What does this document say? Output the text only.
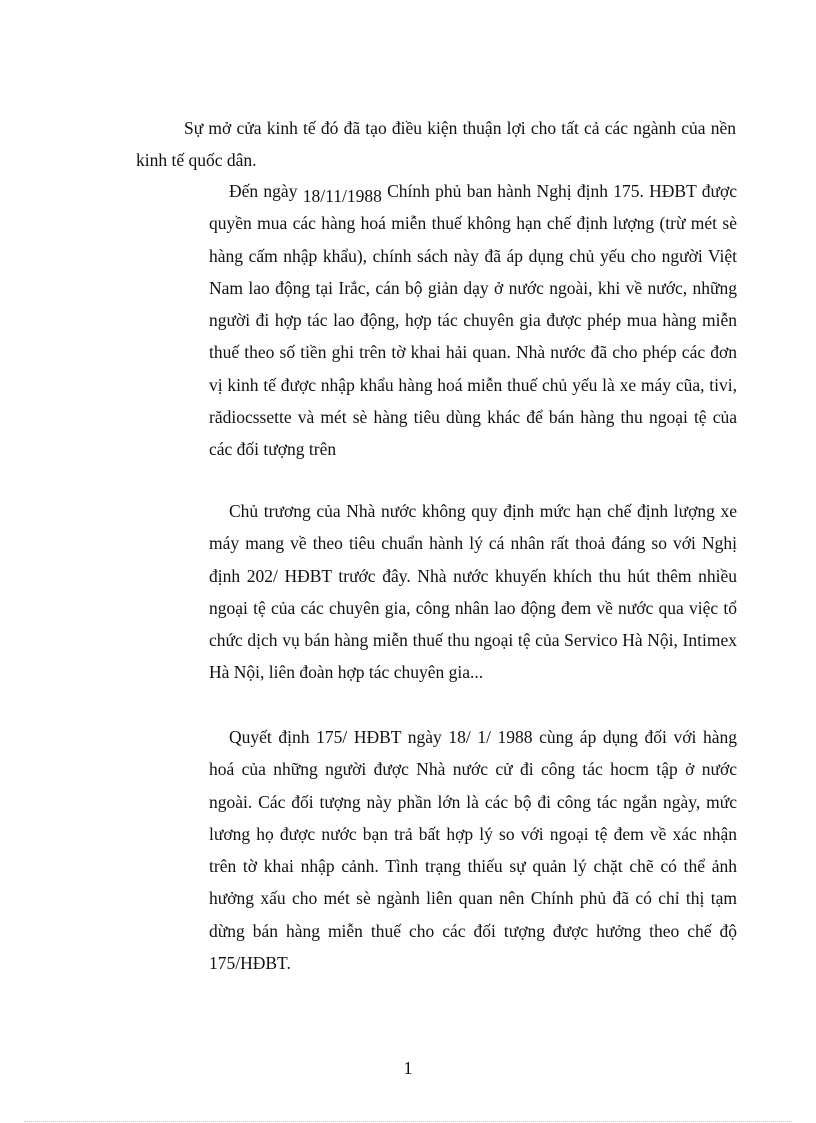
Sự mở cửa kinh tế đó đã tạo điều kiện thuận lợi cho tất cả các ngành của nền kinh tế quốc dân.

Đến ngày 18/11/1988 Chính phủ ban hành Nghị định 175. HĐBT được quyền mua các hàng hoá miễn thuế không hạn chế định lượng (trừ mét sè hàng cấm nhập khẩu), chính sách này đã áp dụng chủ yếu cho người Việt Nam lao động tại Irắc, cán bộ giản dạy ở nước ngoài, khi về nước, những người đi hợp tác lao động, hợp tác chuyên gia được phép mua hàng miễn thuế theo số tiền ghi trên tờ khai hải quan. Nhà nước đã cho phép các đơn vị kinh tế được nhập khẩu hàng hoá miễn thuế chủ yếu là xe máy cũa, tivi, rădiocssette và mét sè hàng tiêu dùng khác để bán hàng thu ngoại tệ của các đối tượng trên

Chủ trương của Nhà nước không quy định mức hạn chế định lượng xe máy mang về theo tiêu chuẩn hành lý cá nhân rất thoả đáng so với Nghị định 202/ HĐBT trước đây. Nhà nước khuyến khích thu hút thêm nhiều ngoại tệ của các chuyên gia, công nhân lao động đem về nước qua việc tổ chức dịch vụ bán hàng miễn thuế thu ngoại tệ của Servico Hà Nội, Intimex Hà Nội, liên đoàn hợp tác chuyên gia...

Quyết định 175/ HĐBT ngày 18/ 1/ 1988 cùng áp dụng đối với hàng hoá của những người được Nhà nước cử đi công tác hocm tập ở nước ngoài. Các đối tượng này phần lớn là các bộ đi công tác ngắn ngày, mức lương họ được nước bạn trả bất hợp lý so với ngoại tệ đem về xác nhận trên tờ khai nhập cảnh. Tình trạng thiếu sự quản lý chặt chẽ có thể ảnh hưởng xấu cho mét sè ngành liên quan nên Chính phủ đã có chỉ thị tạm dừng bán hàng miễn thuế cho các đối tượng được hưởng theo chế độ 175/HĐBT.

1
